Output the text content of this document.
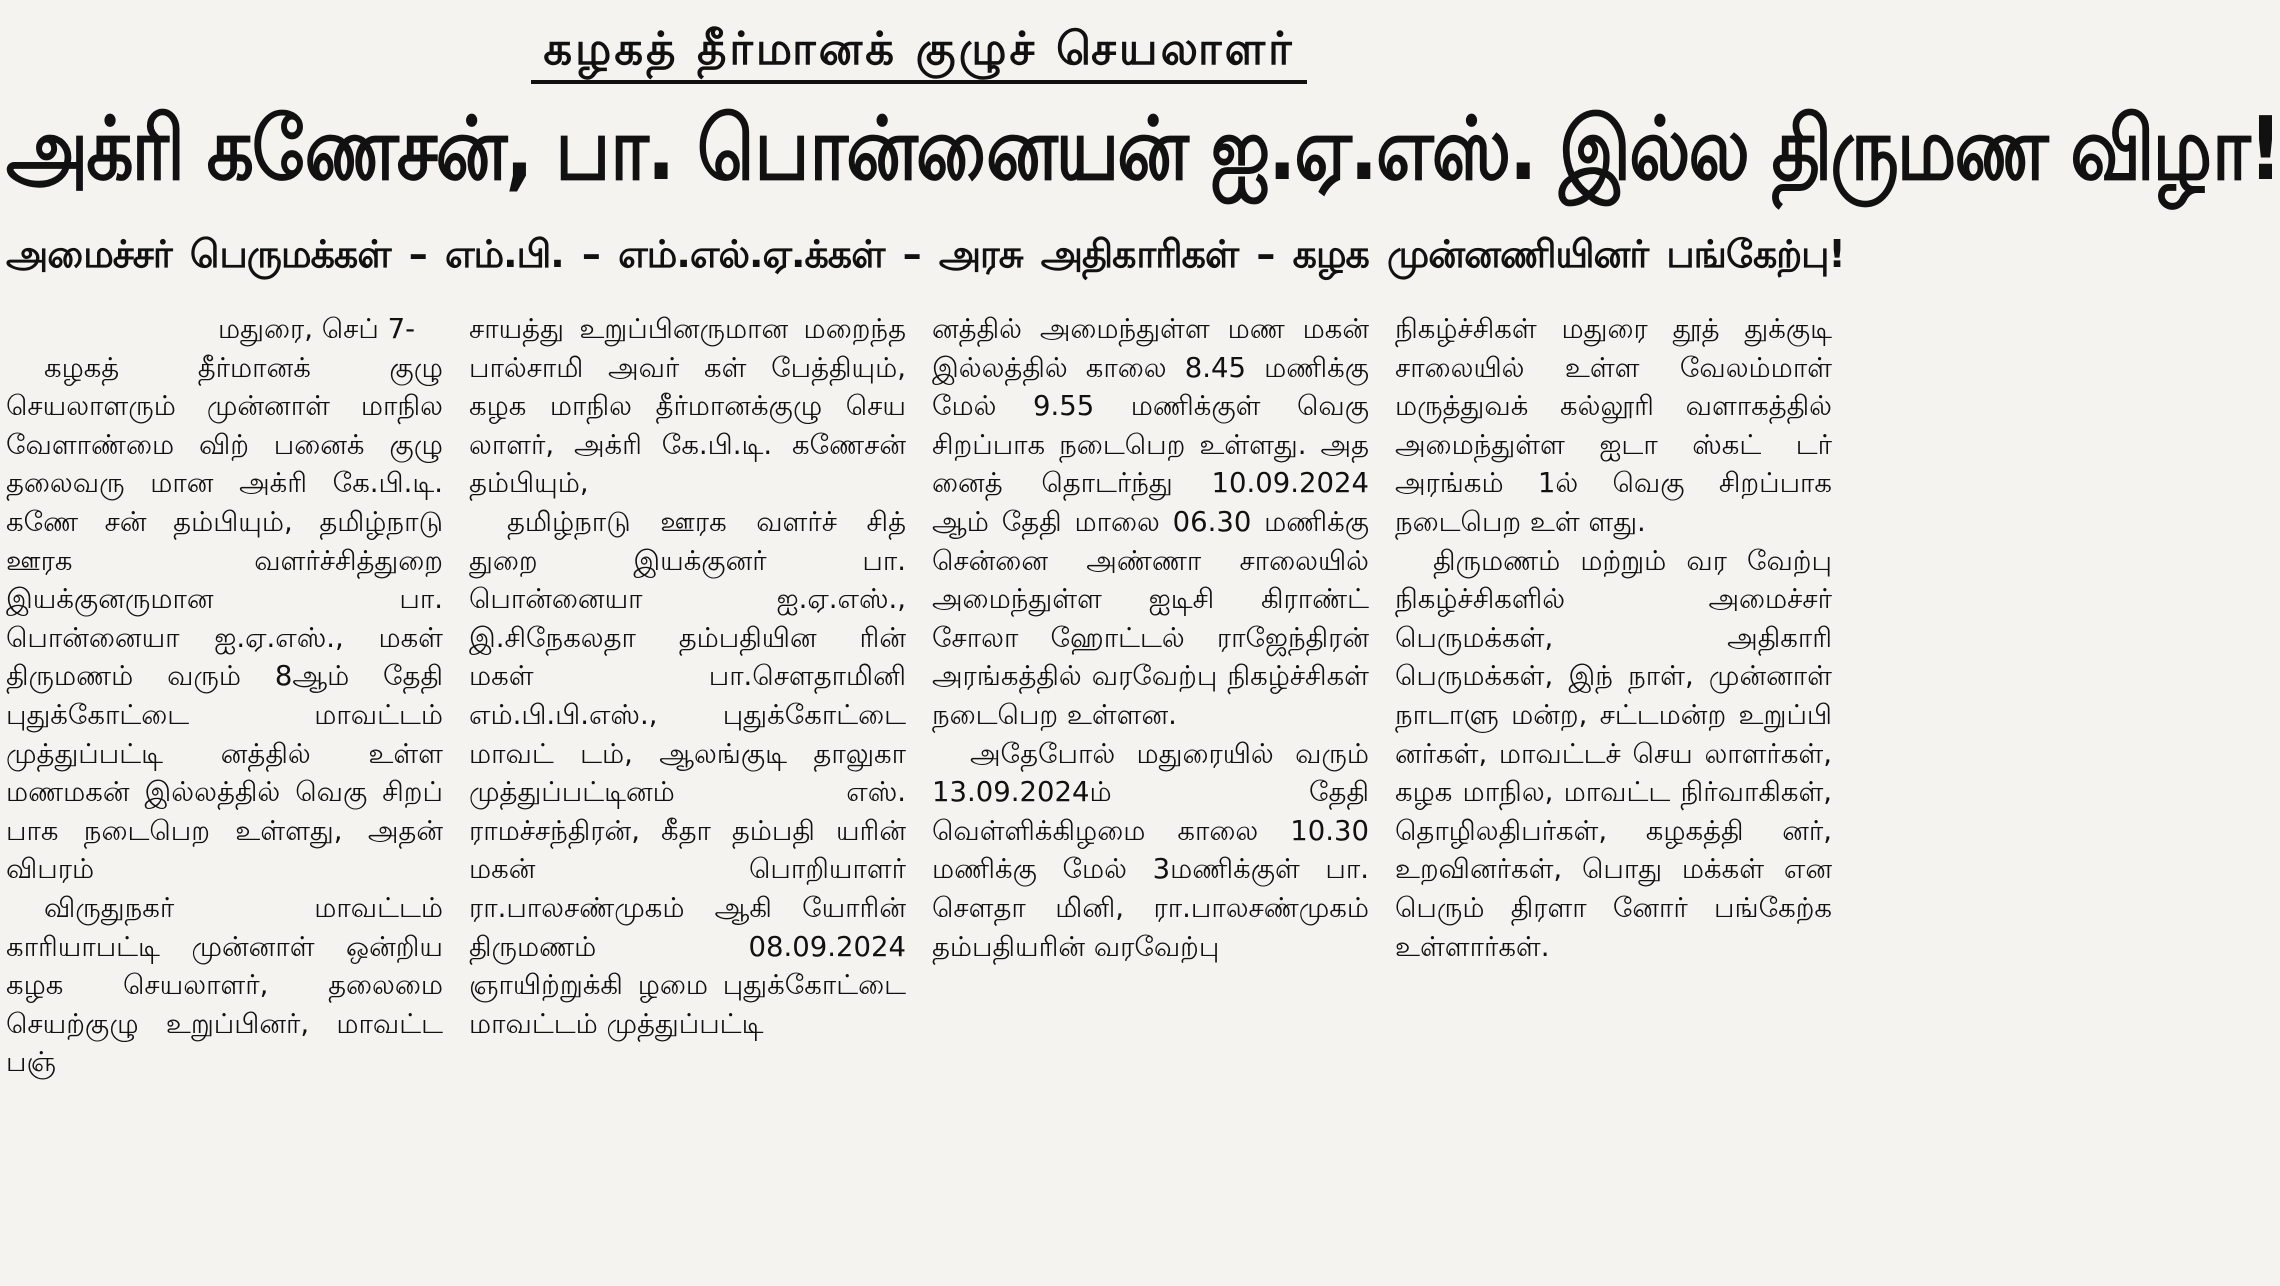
கழகத் தீர்மானக் குழுச் செயலாளர்
அக்ரி கணேசன், பா. பொன்னையன் ஐ.ஏ.எஸ். இல்ல திருமண விழா!
அமைச்சர் பெருமக்கள் – எம்.பி. – எம்.எல்.ஏ.க்கள் – அரசு அதிகாரிகள் – கழக முன்னணியினர் பங்கேற்பு!

மதுரை, செப் 7-

கழகத் தீர்மானக் குழு செயலாளரும் முன்னாள் மாநில வேளாண்மை விற் பனைக் குழு தலைவரு மான அக்ரி கே.பி.டி. கணே சன் தம்பியும், தமிழ்நாடு ஊரக வளர்ச்சித்துறை இயக்குனருமான பா. பொன்னையா ஐ.ஏ.எஸ்., மகள் திருமணம் வரும் 8ஆம் தேதி புதுக்கோட்டை மாவட்டம் முத்துப்பட்டி னத்தில் உள்ள மணமகன் இல்லத்தில் வெகு சிறப் பாக நடைபெற உள்ளது, அதன் விபரம்

விருதுநகர் மாவட்டம் காரியாபட்டி முன்னாள் ஒன்றிய கழக செயலாளர், தலைமை செயற்குழு உறுப்பினர், மாவட்ட பஞ்

சாயத்து உறுப்பினருமான மறைந்த பால்சாமி அவர் கள் பேத்தியும், கழக மாநில தீர்மானக்குழு செய லாளர், அக்ரி கே.பி.டி. கணேசன் தம்பியும்,

தமிழ்நாடு ஊரக வளர்ச் சித் துறை இயக்குனர் பா. பொன்னையா ஐ.ஏ.எஸ்., இ.சிநேகலதா தம்பதியின ரின் மகள் பா.சௌதாமினி எம்.பி.பி.எஸ்., புதுக்கோட்டை மாவட் டம், ஆலங்குடி தாலுகா முத்துப்பட்டினம் எஸ். ராமச்சந்திரன், கீதா தம்பதி யரின் மகன் பொறியாளர் ரா.பாலசண்முகம் ஆகி யோரின் திருமணம் 08.09.2024 ஞாயிற்றுக்கி ழமை புதுக்கோட்டை மாவட்டம் முத்துப்பட்டி

னத்தில் அமைந்துள்ள மண மகன் இல்லத்தில் காலை 8.45 மணிக்கு மேல் 9.55 மணிக்குள் வெகு சிறப்பாக நடைபெற உள்ளது. அத னைத் தொடர்ந்து 10.09.2024 ஆம் தேதி மாலை 06.30 மணிக்கு சென்னை அண்ணா சாலையில் அமைந்துள்ள ஐடிசி கிராண்ட் சோலா ஹோட்டல் ராஜேந்திரன் அரங்கத்தில் வரவேற்பு நிகழ்ச்சிகள் நடைபெற உள்ளன.

அதேபோல் மதுரையில் வரும் 13.09.2024ம் தேதி வெள்ளிக்கிழமை காலை 10.30 மணிக்கு மேல் 3மணிக்குள் பா. சௌதா மினி, ரா.பாலசண்முகம் தம்பதியரின் வரவேற்பு

நிகழ்ச்சிகள் மதுரை தூத் துக்குடி சாலையில் உள்ள வேலம்மாள் மருத்துவக் கல்லூரி வளாகத்தில் அமைந்துள்ள ஐடா ஸ்கட் டர் அரங்கம் 1ல் வெகு சிறப்பாக நடைபெற உள் ளது.

திருமணம் மற்றும் வர வேற்பு நிகழ்ச்சிகளில் அமைச்சர் பெருமக்கள், அதிகாரி பெருமக்கள், இந் நாள், முன்னாள் நாடாளு மன்ற, சட்டமன்ற உறுப்பி னர்கள், மாவட்டச் செய லாளர்கள், கழக மாநில, மாவட்ட நிர்வாகிகள், தொழிலதிபர்கள், கழகத்தி னர், உறவினர்கள், பொது மக்கள் என பெரும் திரளா னோர் பங்கேற்க உள்ளார்கள்.
